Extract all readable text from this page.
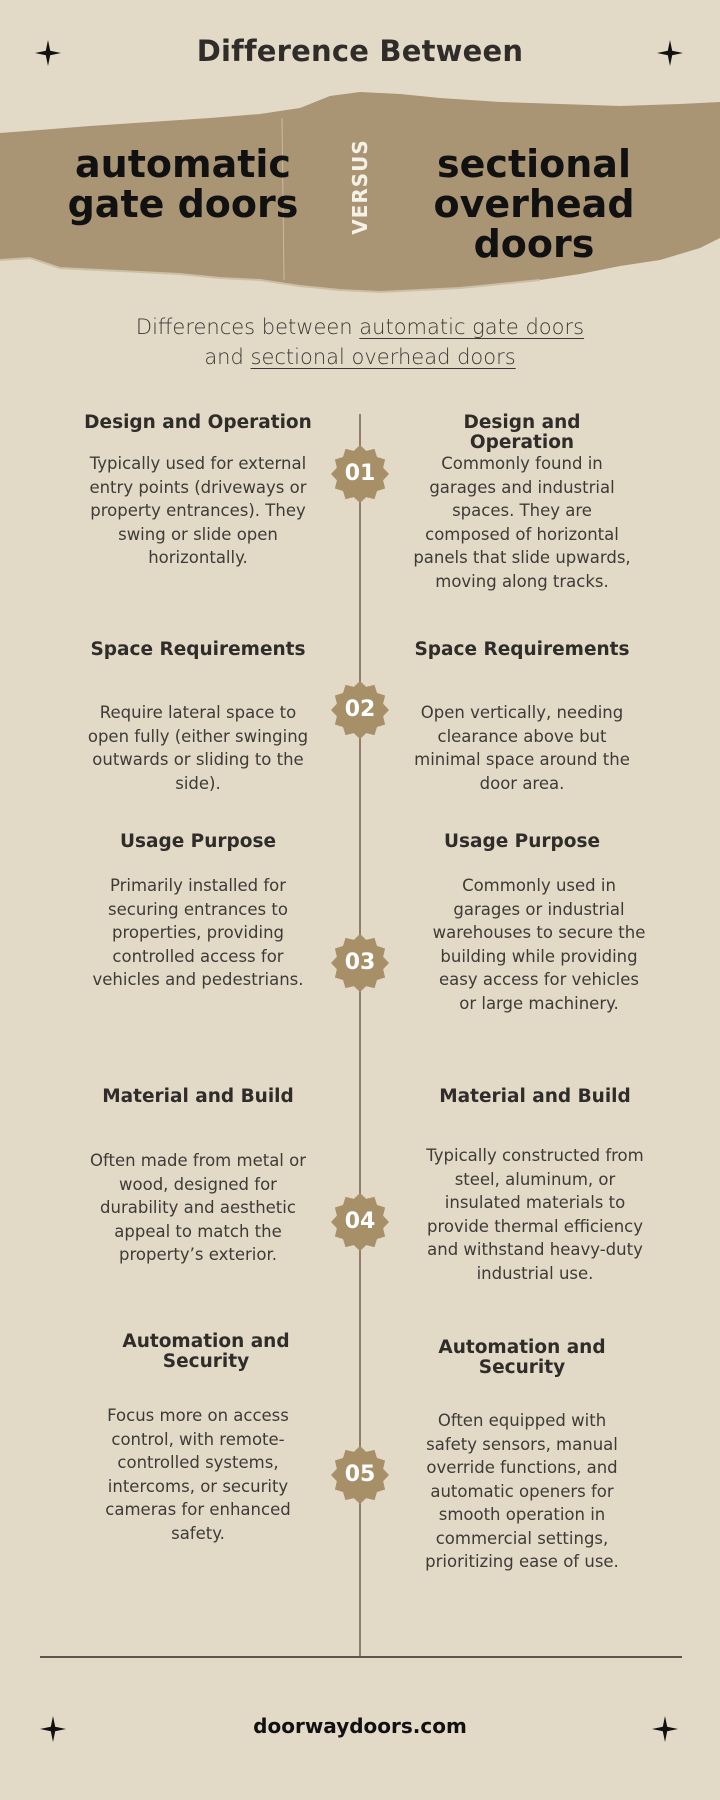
Difference Between
automatic gate doors	VERSUS	sectional overhead doors
Differences between automatic gate doors
and sectional overhead doors
Design and Operation
Typically used for external entry points (driveways or property entrances). They swing or slide open horizontally.
Design and Operation
Commonly found in garages and industrial spaces. They are composed of horizontal panels that slide upwards, moving along tracks.
01
Space Requirements
Require lateral space to open fully (either swinging outwards or sliding to the side).
Space Requirements
Open vertically, needing clearance above but minimal space around the door area.
02
Usage Purpose
Primarily installed for securing entrances to properties, providing controlled access for vehicles and pedestrians.
Usage Purpose
Commonly used in garages or industrial warehouses to secure the building while providing easy access for vehicles or large machinery.
03
Material and Build
Often made from metal or wood, designed for durability and aesthetic appeal to match the property’s exterior.
Material and Build
Typically constructed from steel, aluminum, or insulated materials to provide thermal efficiency and withstand heavy-duty industrial use.
04
Automation and Security
Focus more on access control, with remote-controlled systems, intercoms, or security cameras for enhanced safety.
Automation and Security
Often equipped with safety sensors, manual override functions, and automatic openers for smooth operation in commercial settings, prioritizing ease of use.
05
doorwaydoors.com
